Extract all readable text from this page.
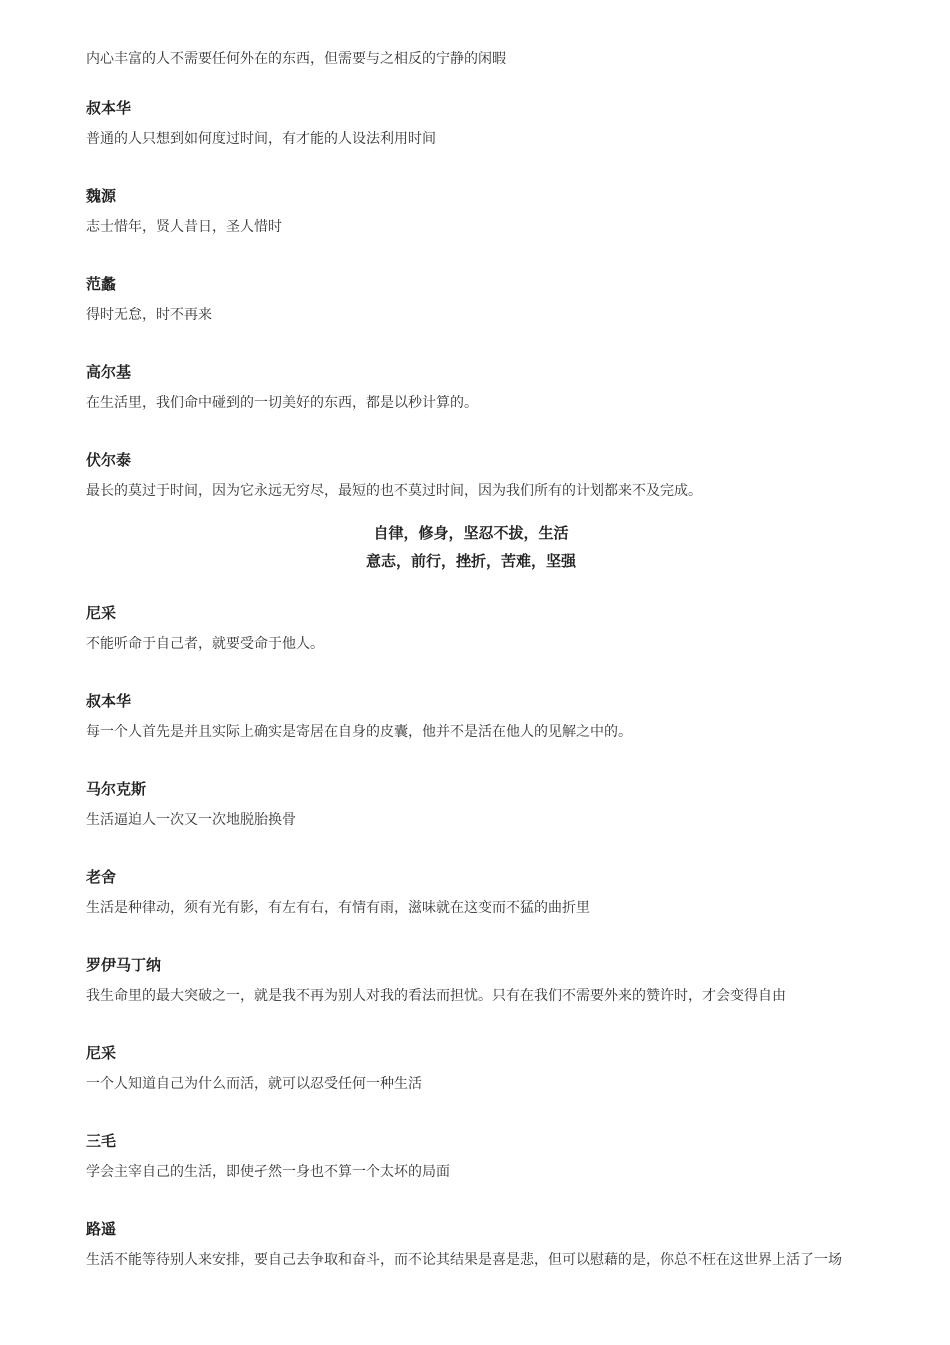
内心丰富的人不需要任何外在的东西，但需要与之相反的宁静的闲暇

叔本华

普通的人只想到如何度过时间，有才能的人设法利用时间

魏源

志士惜年，贤人昔日，圣人惜时

范蠡

得时无怠，时不再来

高尔基

在生活里，我们命中碰到的一切美好的东西，都是以秒计算的。

伏尔泰

最长的莫过于时间，因为它永远无穷尽，最短的也不莫过时间，因为我们所有的计划都来不及完成。

自律，修身，坚忍不拔，生活
意志，前行，挫折，苦难，坚强
尼采

不能听命于自己者，就要受命于他人。

叔本华

每一个人首先是并且实际上确实是寄居在自身的皮囊，他并不是活在他人的见解之中的。

马尔克斯

生活逼迫人一次又一次地脱胎换骨

老舍

生活是种律动，须有光有影，有左有右，有情有雨，滋味就在这变而不猛的曲折里

罗伊马丁纳

我生命里的最大突破之一，就是我不再为别人对我的看法而担忧。只有在我们不需要外来的赞许时，才会变得自由

尼采

一个人知道自己为什么而活，就可以忍受任何一种生活

三毛

学会主宰自己的生活，即使孑然一身也不算一个太坏的局面

路遥

生活不能等待别人来安排，要自己去争取和奋斗，而不论其结果是喜是悲，但可以慰藉的是，你总不枉在这世界上活了一场
